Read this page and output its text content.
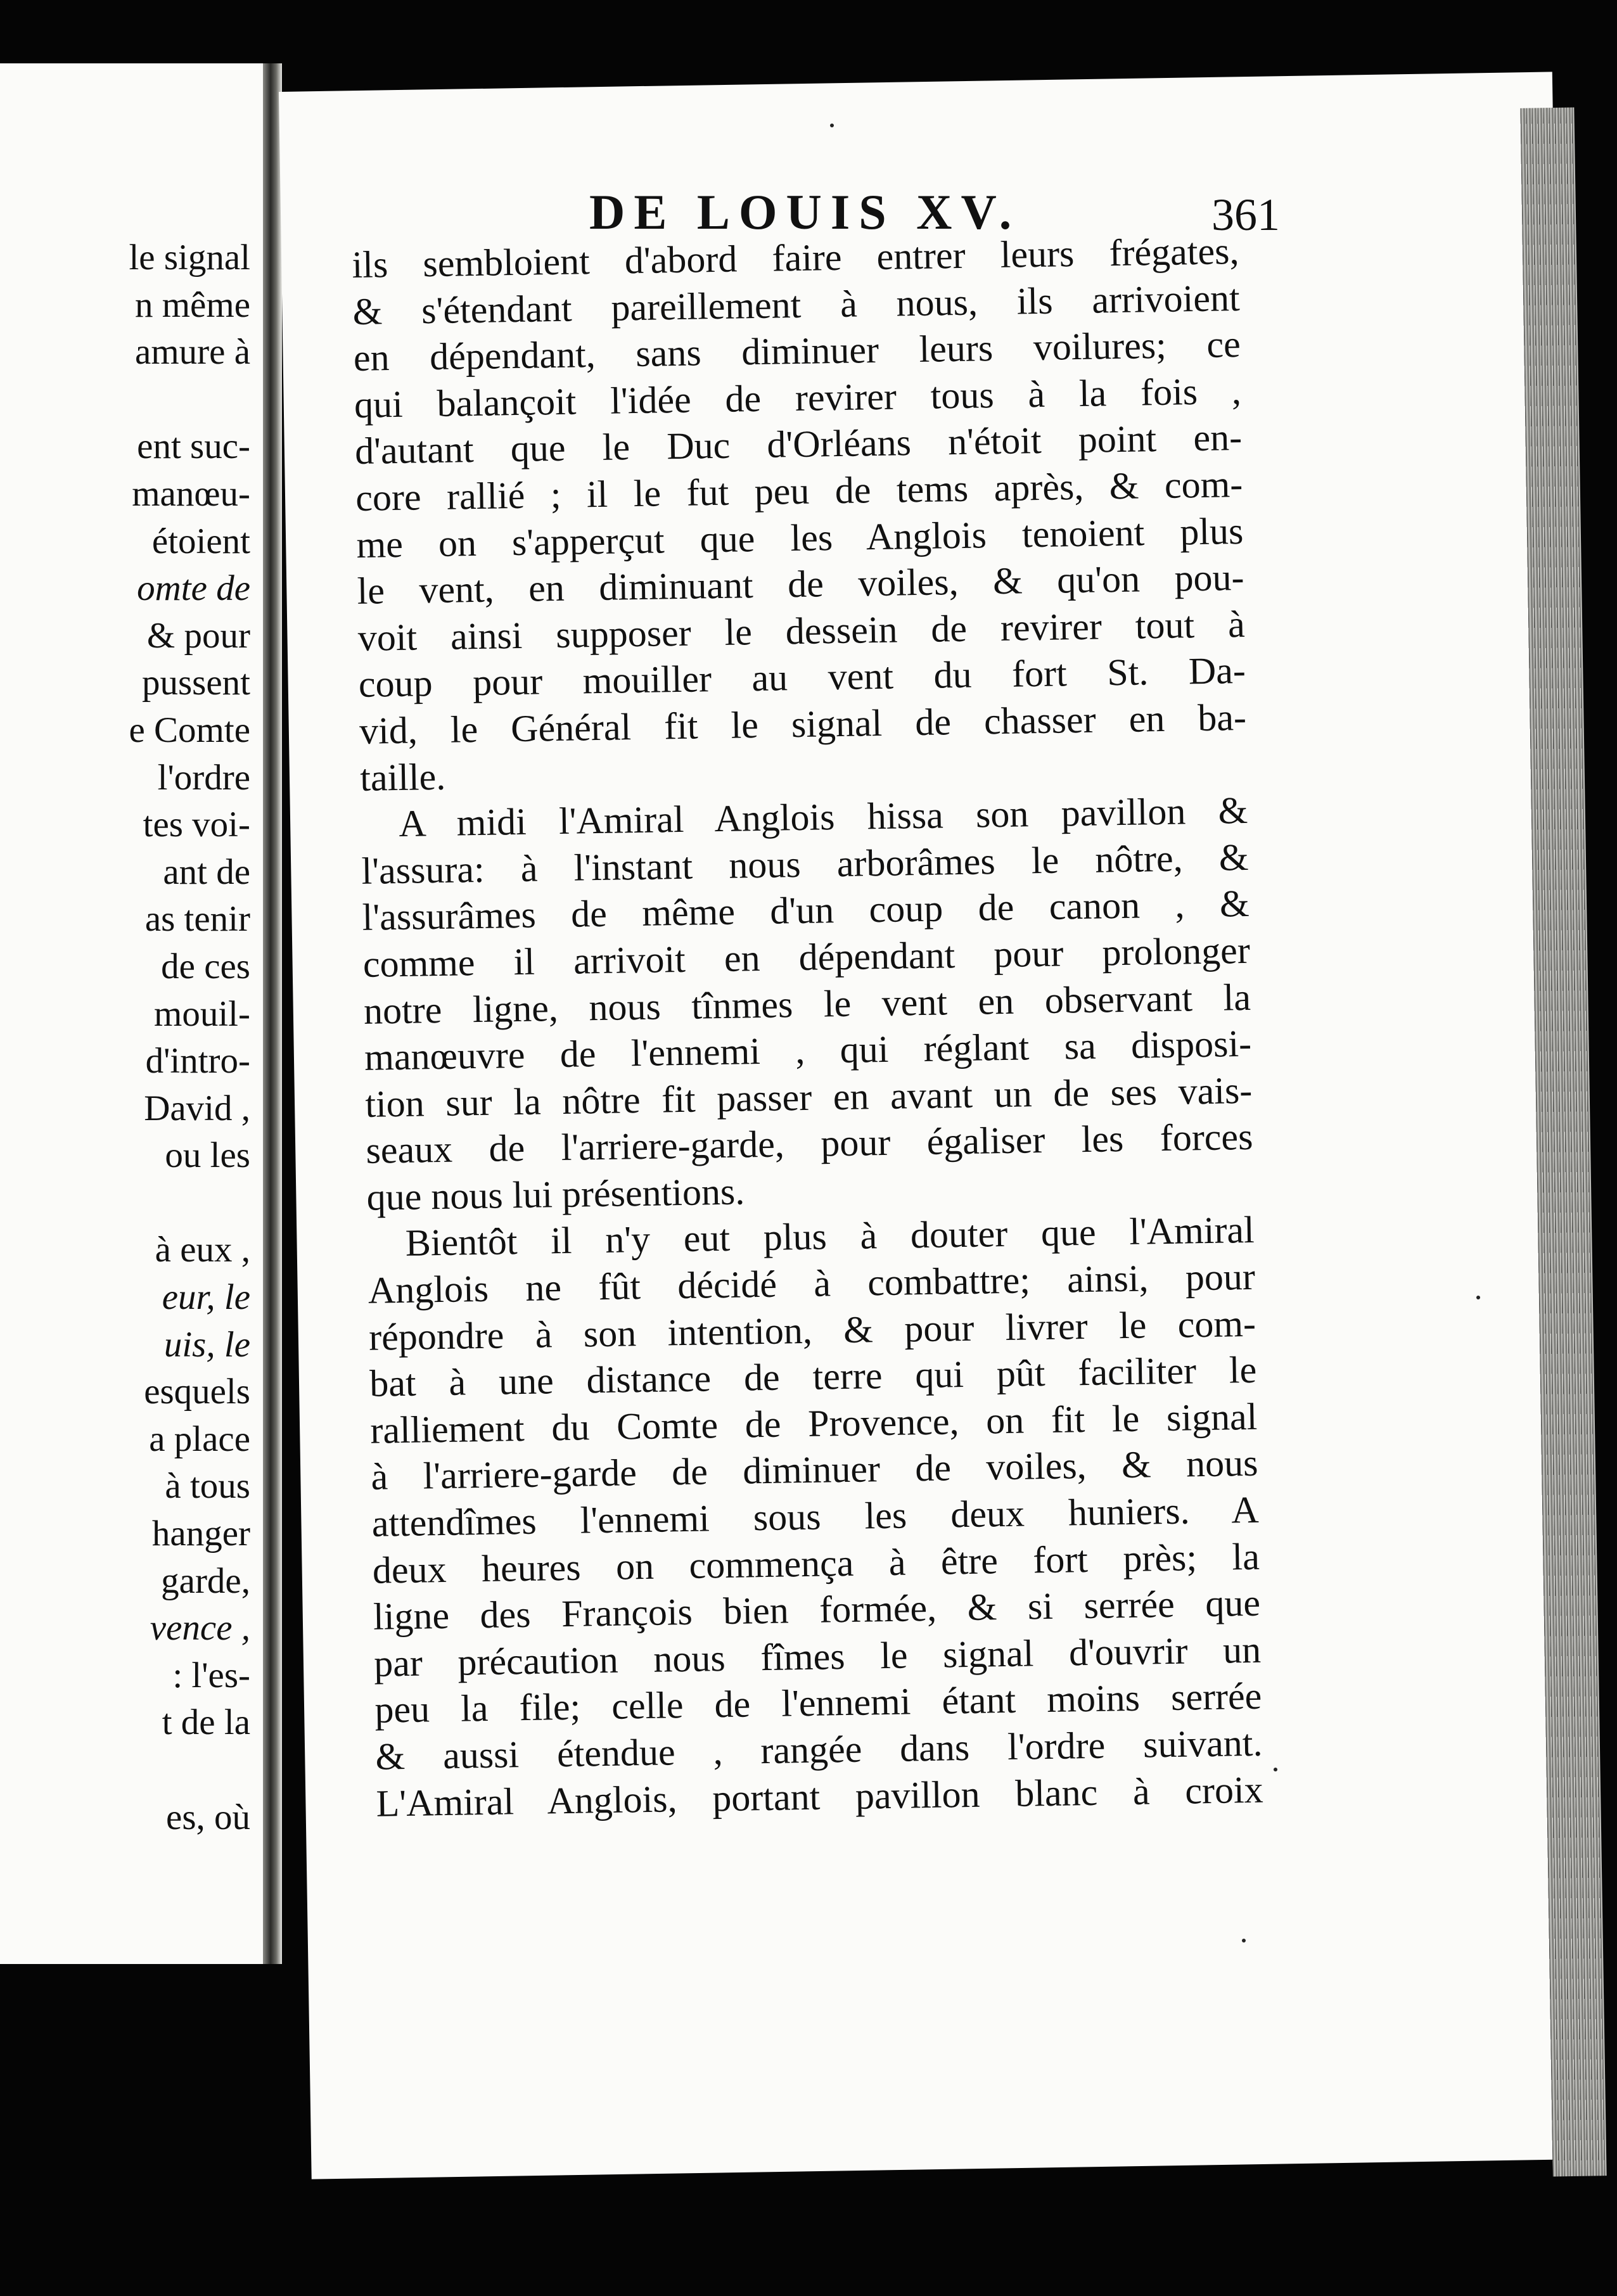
le signal
n même
amure à
ent suc-
manœu-
étoient
omte de
& pour
pussent
e Comte
l'ordre
tes voi-
ant de
as tenir
de ces
mouil-
d'intro-
David ,
ou les
à eux ,
eur, le
uis, le
esquels
a place
à tous
hanger
garde,
vence ,
: l'es-
t de la
es, où
DE LOUIS XV.	361
ils sembloient d'abord faire entrer leurs frégates,
& s'étendant pareillement à nous, ils arrivoient
en dépendant, sans diminuer leurs voilures; ce
qui balançoit l'idée de revirer tous à la fois ,
d'autant que le Duc d'Orléans n'étoit point en-
core rallié ; il le fut peu de tems après, & com-
me on s'apperçut que les Anglois tenoient plus
le vent, en diminuant de voiles, & qu'on pou-
voit ainsi supposer le dessein de revirer tout à
coup pour mouiller au vent du fort St. Da-
vid, le Général fit le signal de chasser en ba-
taille.
A midi l'Amiral Anglois hissa son pavillon &
l'assura: à l'instant nous arborâmes le nôtre, &
l'assurâmes de même d'un coup de canon , &
comme il arrivoit en dépendant pour prolonger
notre ligne, nous tînmes le vent en observant la
manœuvre de l'ennemi , qui réglant sa disposi-
tion sur la nôtre fit passer en avant un de ses vais-
seaux de l'arriere-garde, pour égaliser les forces
que nous lui présentions.
Bientôt il n'y eut plus à douter que l'Amiral
Anglois ne fût décidé à combattre; ainsi, pour
répondre à son intention, & pour livrer le com-
bat à une distance de terre qui pût faciliter le
ralliement du Comte de Provence, on fit le signal
à l'arriere-garde de diminuer de voiles, & nous
attendîmes l'ennemi sous les deux huniers. A
deux heures on commença à être fort près; la
ligne des François bien formée, & si serrée que
par précaution nous fîmes le signal d'ouvrir un
peu la file; celle de l'ennemi étant moins serrée
& aussi étendue , rangée dans l'ordre suivant.
L'Amiral Anglois, portant pavillon blanc à croix
